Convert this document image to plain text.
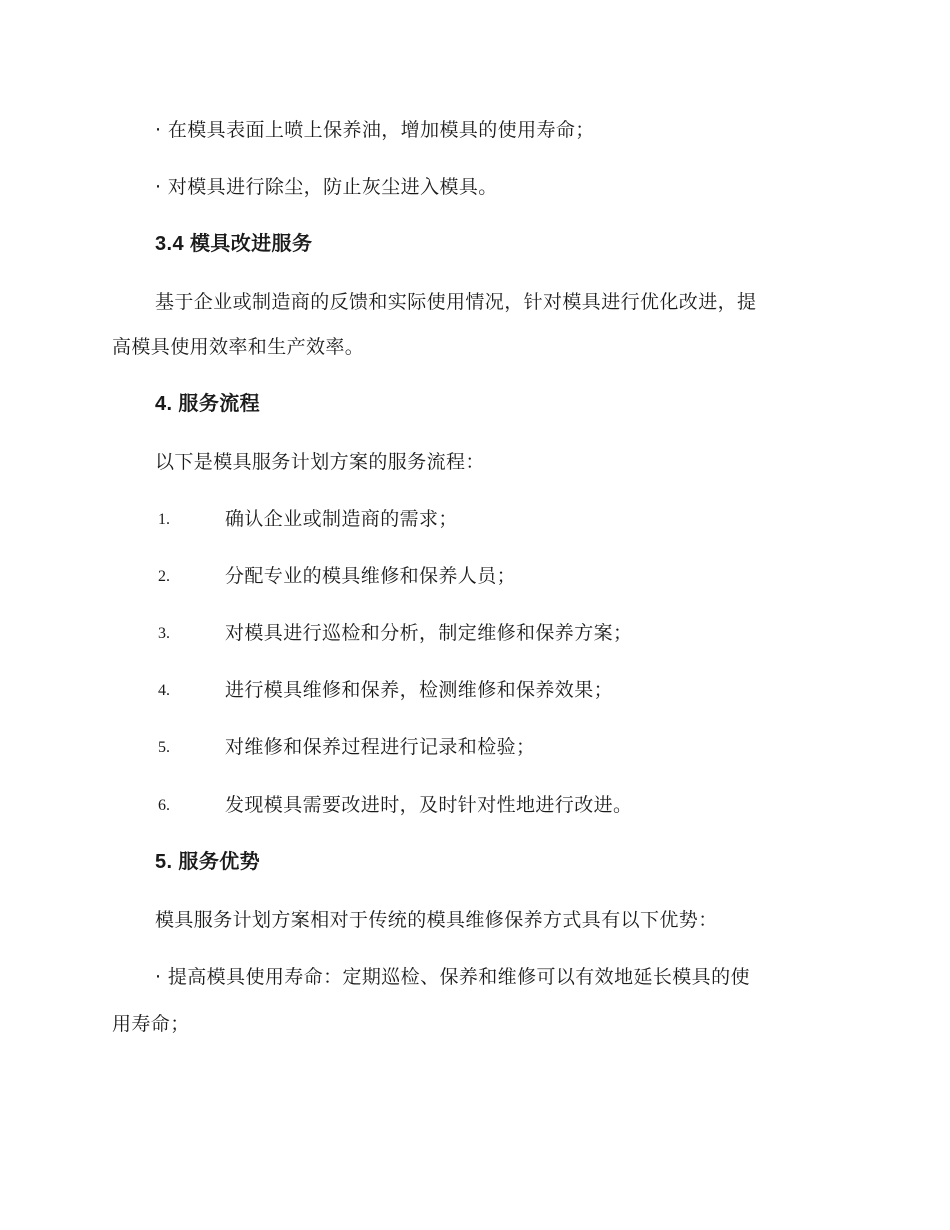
· 在模具表面上喷上保养油，增加模具的使用寿命；
· 对模具进行除尘，防止灰尘进入模具。
3.4 模具改进服务
基于企业或制造商的反馈和实际使用情况，针对模具进行优化改进，提
高模具使用效率和生产效率。
4. 服务流程
以下是模具服务计划方案的服务流程：
1.	确认企业或制造商的需求；
2.	分配专业的模具维修和保养人员；
3.	对模具进行巡检和分析，制定维修和保养方案；
4.	进行模具维修和保养，检测维修和保养效果；
5.	对维修和保养过程进行记录和检验；
6.	发现模具需要改进时，及时针对性地进行改进。
5. 服务优势
模具服务计划方案相对于传统的模具维修保养方式具有以下优势：
· 提高模具使用寿命：定期巡检、保养和维修可以有效地延长模具的使
用寿命；
